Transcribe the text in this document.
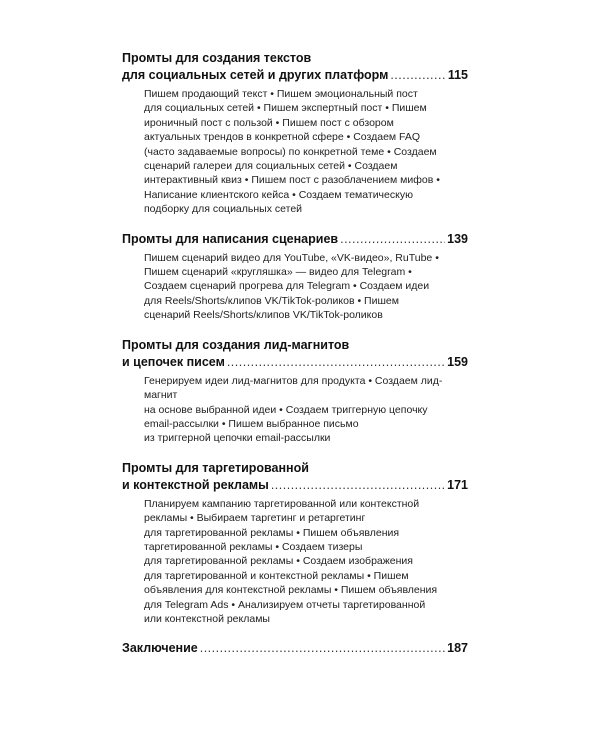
Промты для создания текстов
для социальных сетей и других платформ .....	115
Пишем продающий текст • Пишем эмоциональный пост
для социальных сетей • Пишем экспертный пост • Пишем
ироничный пост с пользой • Пишем пост с обзором
актуальных трендов в конкретной сфере • Создаем FAQ
(часто задаваемые вопросы) по конкретной теме • Создаем
сценарий галереи для социальных сетей • Создаем
интерактивный квиз • Пишем пост с разоблачением мифов •
Написание клиентского кейса • Создаем тематическую
подборку для социальных сетей
Промты для написания сценариев .....	139
Пишем сценарий видео для YouTube, «VK-видео», RuTube •
Пишем сценарий «кругляшка» — видео для Telegram •
Создаем сценарий прогрева для Telegram • Создаем идеи
для Reels/Shorts/клипов VK/TikTok-роликов • Пишем
сценарий Reels/Shorts/клипов VK/TikTok-роликов
Промты для создания лид-магнитов
и цепочек писем .....	159
Генерируем идеи лид-магнитов для продукта • Создаем лид-
магнит
на основе выбранной идеи • Создаем триггерную цепочку
email-рассылки • Пишем выбранное письмо
из триггерной цепочки email-рассылки
Промты для таргетированной
и контекстной рекламы .....	171
Планируем кампанию таргетированной или контекстной
рекламы • Выбираем таргетинг и ретаргетинг
для таргетированной рекламы • Пишем объявления
таргетированной рекламы • Создаем тизеры
для таргетированной рекламы • Создаем изображения
для таргетированной и контекстной рекламы • Пишем
объявления для контекстной рекламы • Пишем объявления
для Telegram Ads • Анализируем отчеты таргетированной
или контекстной рекламы
Заключение .....	187
